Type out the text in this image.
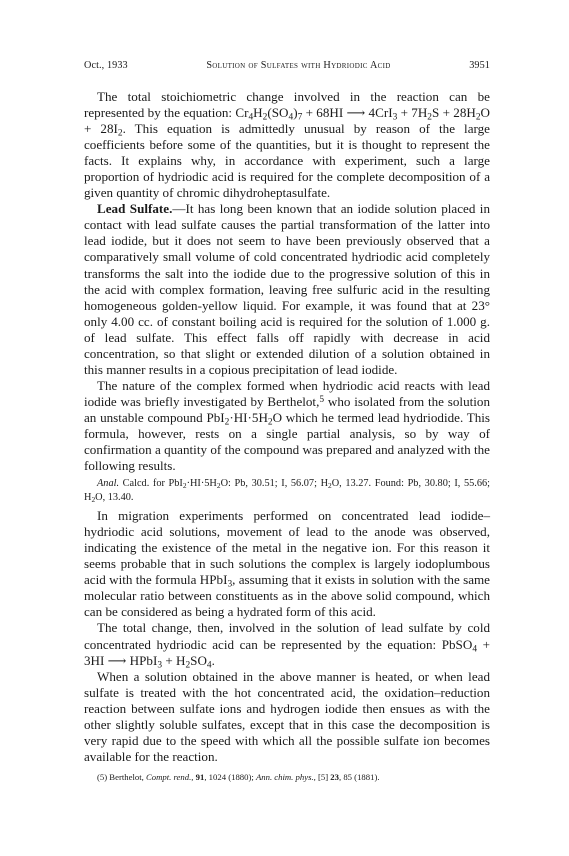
Oct., 1933	Solution of Sulfates with Hydriodic Acid	3951

The total stoichiometric change involved in the reaction can be represented by the equation: $Cr_4H_2(SO_4)_7 + 68HI$ ⟶ $4CrI_3 + 7H_2S + 28H_2O + 28I_2$. This equation is admittedly unusual by reason of the large coefficients before some of the quantities, but it is thought to represent the facts. It explains why, in accordance with experiment, such a large proportion of hydriodic acid is required for the complete decomposition of a given quantity of chromic dihydroheptasulfate.

Lead Sulfate.—It has long been known that an iodide solution placed in contact with lead sulfate causes the partial transformation of the latter into lead iodide, but it does not seem to have been previously observed that a comparatively small volume of cold concentrated hydriodic acid completely transforms the salt into the iodide due to the progressive solution of this in the acid with complex formation, leaving free sulfuric acid in the resulting homogeneous golden-yellow liquid. For example, it was found that at 23° only 4.00 cc. of constant boiling acid is required for the solution of 1.000 g. of lead sulfate. This effect falls off rapidly with decrease in acid concentration, so that slight or extended dilution of a solution obtained in this manner results in a copious precipitation of lead iodide.

The nature of the complex formed when hydriodic acid reacts with lead iodide was briefly investigated by Berthelot,$^5$ who isolated from the solution an unstable compound $PbI_2\cdot HI\cdot 5H_2O$ which he termed lead hydriodide. This formula, however, rests on a single partial analysis, so by way of confirmation a quantity of the compound was prepared and analyzed with the following results.

Anal. Calcd. for $PbI_2\cdot HI\cdot 5H_2O$: Pb, 30.51; I, 56.07; $H_2O$, 13.27. Found: Pb, 30.80; I, 55.66; $H_2O$, 13.40.

In migration experiments performed on concentrated lead iodide–hydriodic acid solutions, movement of lead to the anode was observed, indicating the existence of the metal in the negative ion. For this reason it seems probable that in such solutions the complex is largely iodoplumbous acid with the formula HPbI$_3$, assuming that it exists in solution with the same molecular ratio between constituents as in the above solid compound, which can be considered as being a hydrated form of this acid.

The total change, then, involved in the solution of lead sulfate by cold concentrated hydriodic acid can be represented by the equation: PbSO$_4$ + 3HI ⟶ HPbI$_3$ + $H_2SO_4$.

When a solution obtained in the above manner is heated, or when lead sulfate is treated with the hot concentrated acid, the oxidation–reduction reaction between sulfate ions and hydrogen iodide then ensues as with the other slightly soluble sulfates, except that in this case the decomposition is very rapid due to the speed with which all the possible sulfate ion becomes available for the reaction.

(5) Berthelot, Compt. rend., 91, 1024 (1880); Ann. chim. phys., [5] 23, 85 (1881).
